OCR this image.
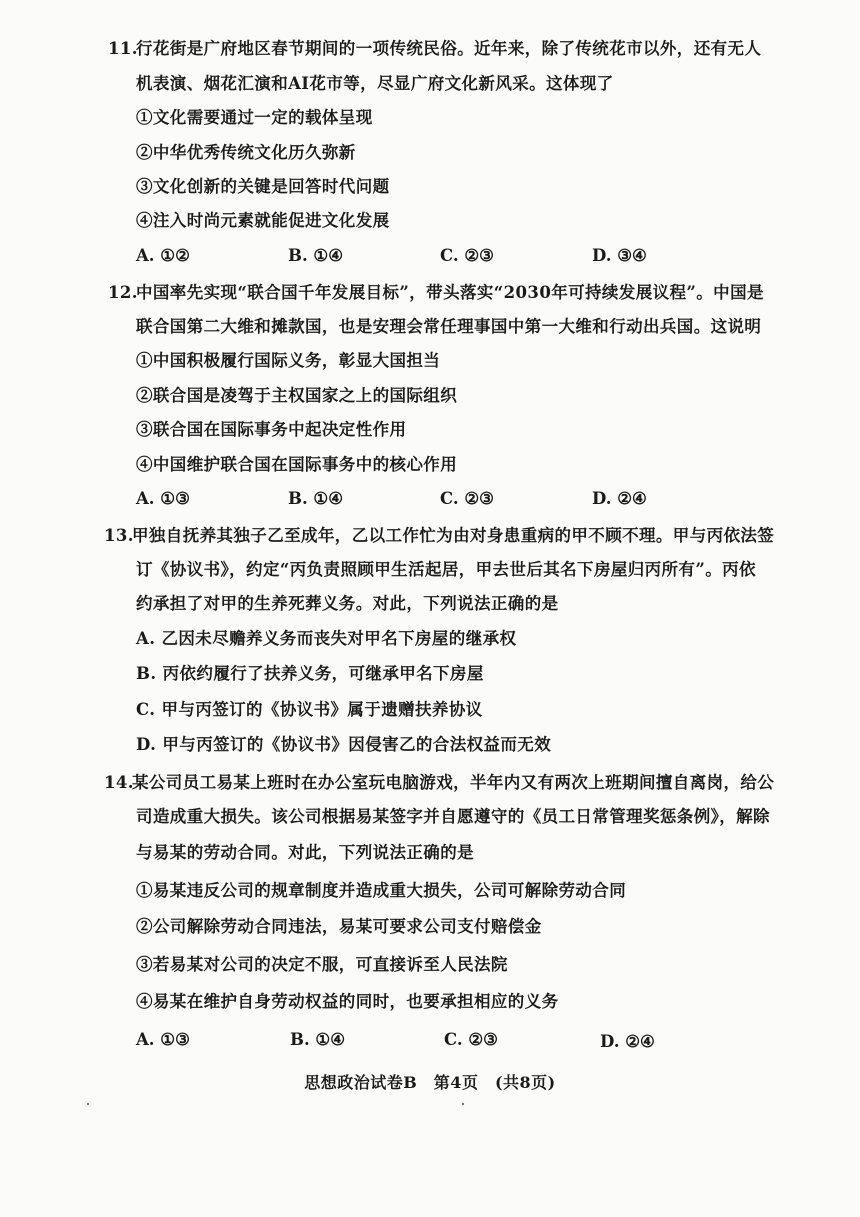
11.行花街是广府地区春节期间的一项传统民俗。近年来，除了传统花市以外，还有无人
机表演、烟花汇演和AI花市等，尽显广府文化新风采。这体现了
①文化需要通过一定的载体呈现
②中华优秀传统文化历久弥新
③文化创新的关键是回答时代问题
④注入时尚元素就能促进文化发展
A. ①②	B. ①④	C. ②③	D. ③④
12.中国率先实现“联合国千年发展目标”，带头落实“2030年可持续发展议程”。中国是
联合国第二大维和摊款国，也是安理会常任理事国中第一大维和行动出兵国。这说明
①中国积极履行国际义务，彰显大国担当
②联合国是凌驾于主权国家之上的国际组织
③联合国在国际事务中起决定性作用
④中国维护联合国在国际事务中的核心作用
A. ①③	B. ①④	C. ②③	D. ②④
13.甲独自抚养其独子乙至成年，乙以工作忙为由对身患重病的甲不顾不理。甲与丙依法签
订《协议书》，约定“丙负责照顾甲生活起居，甲去世后其名下房屋归丙所有”。丙依
约承担了对甲的生养死葬义务。对此，下列说法正确的是
A. 乙因未尽赡养义务而丧失对甲名下房屋的继承权
B. 丙依约履行了扶养义务，可继承甲名下房屋
C. 甲与丙签订的《协议书》属于遗赠扶养协议
D. 甲与丙签订的《协议书》因侵害乙的合法权益而无效
14.某公司员工易某上班时在办公室玩电脑游戏，半年内又有两次上班期间擅自离岗，给公
司造成重大损失。该公司根据易某签字并自愿遵守的《员工日常管理奖惩条例》，解除
与易某的劳动合同。对此，下列说法正确的是
①易某违反公司的规章制度并造成重大损失，公司可解除劳动合同
②公司解除劳动合同违法，易某可要求公司支付赔偿金
③若易某对公司的决定不服，可直接诉至人民法院
④易某在维护自身劳动权益的同时，也要承担相应的义务
A. ①③	B. ①④	C. ②③	D. ②④
思想政治试卷B　第4页　(共8页)
